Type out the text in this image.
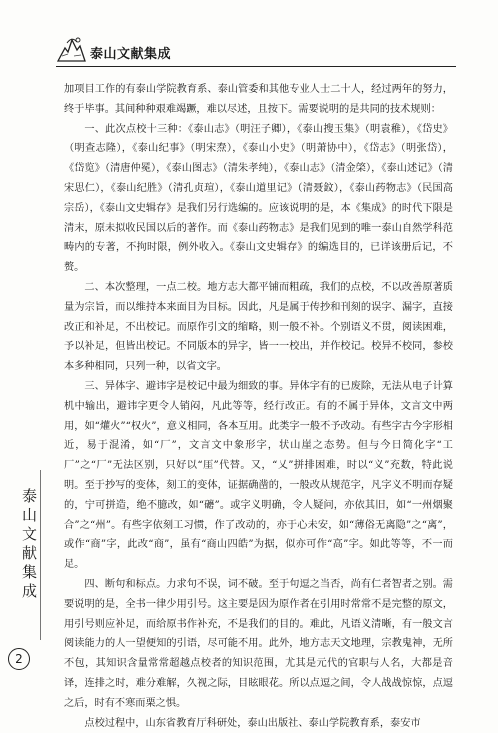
泰山文献集成

加项目工作的有泰山学院教育系、泰山管委和其他专业人士二十人，经过两年的努力，终于毕事。其间种种艰难竭蹶，难以尽述，且按下。需要说明的是共同的技术规则：

一、此次点校十三种：《泰山志》（明汪子卿），《泰山搜玉集》（明袁稚），《岱史》（明查志隆），《泰山纪事》（明宋焘），《泰山小史》（明萧协中），《岱志》（明张岱），《岱览》（清唐仲冕），《泰山图志》（清朱孝纯），《泰山志》（清金棨），《泰山述记》（清宋思仁），《泰山纪胜》（清孔贞瑄），《泰山道里记》（清聂鈫），《泰山药物志》（民国高宗岳），《泰山文史辑存》是我们另行选编的。应该说明的是，本《集成》的时代下限是清末，原未拟收民国以后的著作。而《泰山药物志》是我们见到的唯一泰山自然学科范畴内的专著，不拘时限，例外收入。《泰山文史辑存》的编选目的，已详该册后记，不赘。

二、本次整理，一点二校。地方志大都平铺而粗疏，我们的点校，不以改善原著质量为宗旨，而以维持本来面目为目标。因此，凡是属于传抄和刊刻的误字、漏字，直接改正和补足，不出校记。而原作引文的缩略，则一般不补。个别语义不贯，阅读困难，予以补足，但皆出校记。不同版本的异字，皆一一校出，并作校记。校异不校同，参校本多种相同，只列一种，以省文字。

三、异体字、避讳字是校记中最为细致的事。异体字有的已废除，无法从电子计算机中输出，避讳字更令人销闷，凡此等等，经行改正。有的不属于异体，文言文中两用，如“爟火”“权火”，意义相同，各本互用。此类字一般不予改动。有些字古今字形相近，易于混淆，如“厂”，文言文中象形字，状山崖之态势。但与今日简化字“工厂”之“厂”无法区别，只好以“厓”代替。又，“乂”拼排困难，时以“义”充数，特此说明。至于抄写的变体，刻工的变体，证据确凿的，一般改从规范字，凡字义不明而存疑的，宁可拼造，绝不臆改，如“礳”。或字义明确，令人疑问，亦依其旧，如“一州烟聚合”之“州”。有些字依刻工习惯，作了改动的，亦于心未安，如“薄俗无离隐”之“离”，或作“商”字，此改“商”，虽有“商山四皓”为据，似亦可作“高”字。如此等等，不一而足。

四、断句和标点。力求句不误，词不破。至于句逗之当否，尚有仁者智者之别。需要说明的是，全书一律少用引号。这主要是因为原作者在引用时常常不是完整的原文，用引号则应补足，而给原书作补充，不是我们的目的。难此，凡语义清晰，有一般文言阅读能力的人一望便知的引语，尽可能不用。此外，地方志天文地理，宗教鬼神，无所不包，其知识含量常常超越点校者的知识范围，尤其是元代的官职与人名，大都是音译，连排之时，难分难解，久视之际，目眩眼花。所以点逗之间，令人战战惊惊，点逗之后，时有不寒而栗之惧。

点校过程中，山东省教育厅科研处，泰山出版社、泰山学院教育系，泰安市

泰山文献集成
2
